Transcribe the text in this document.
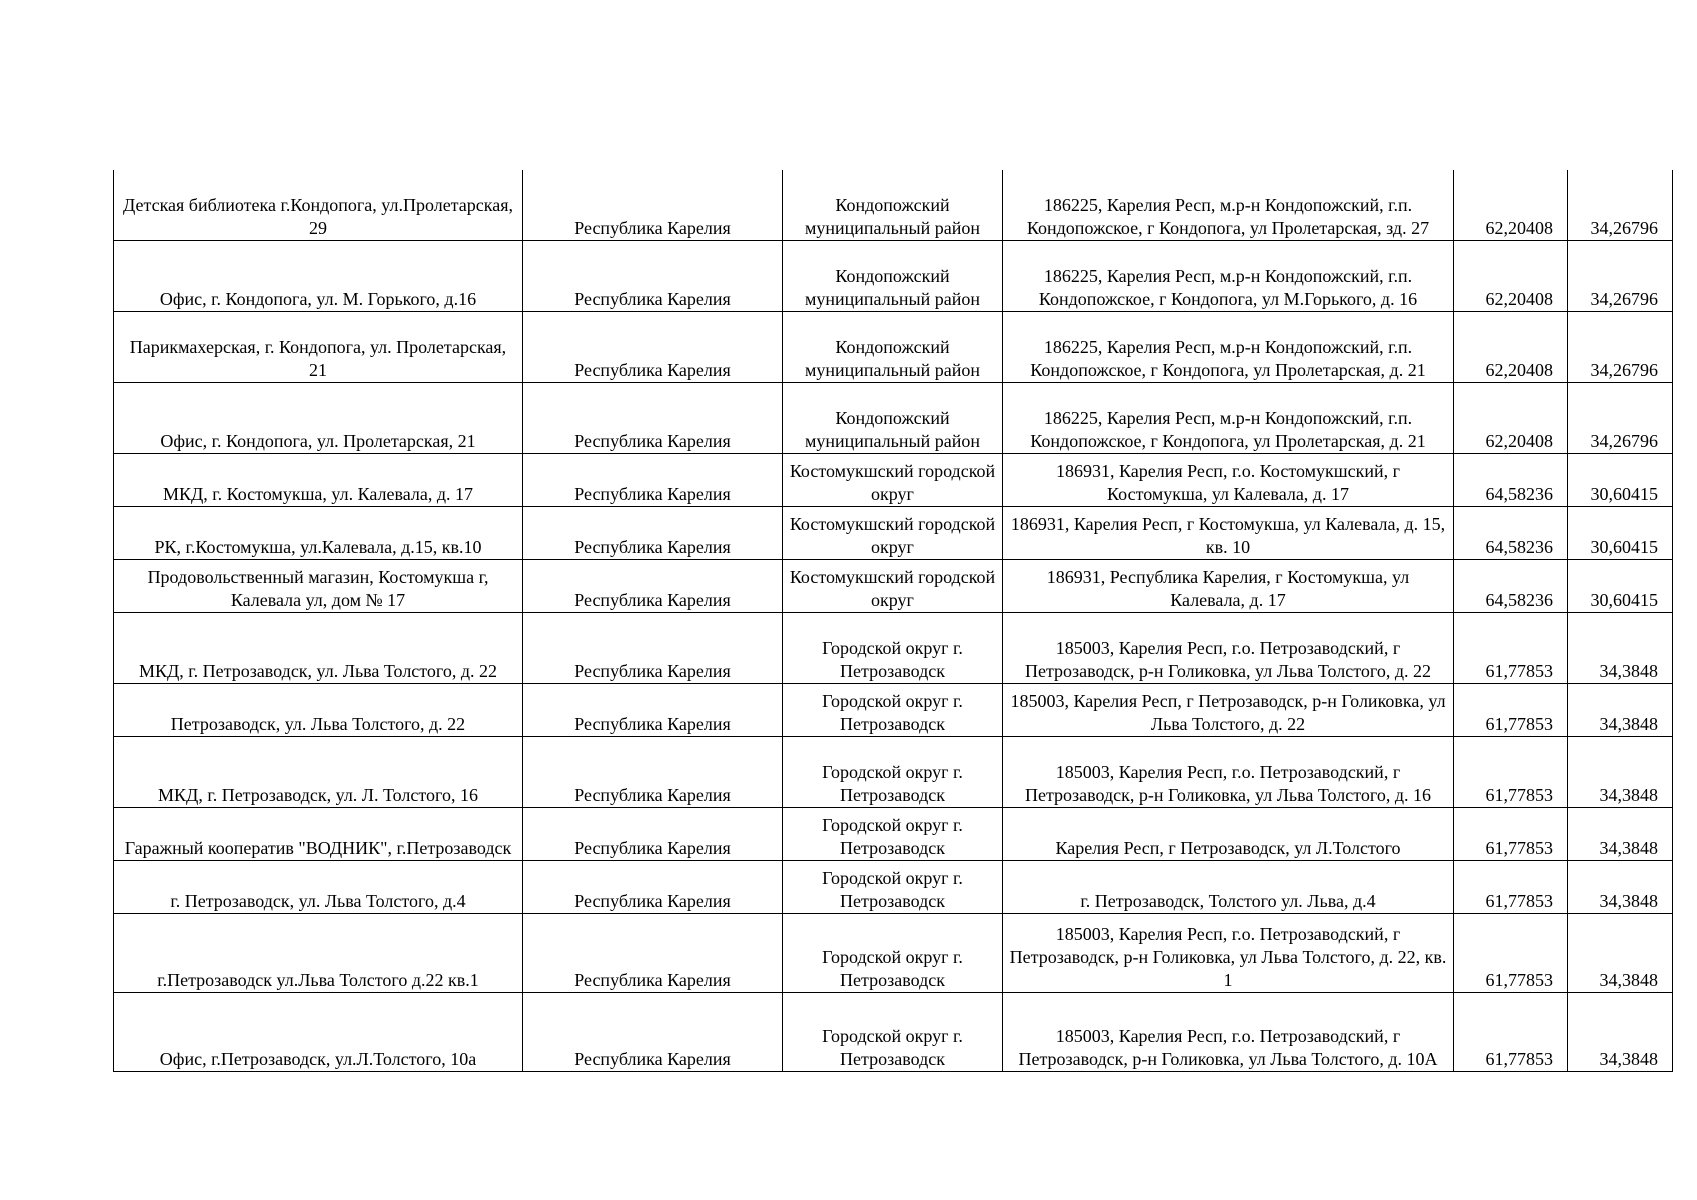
Детская библиотека г.Кондопога, ул.Пролетарская, 29	Республика Карелия	Кондопожский муниципальный район	186225, Карелия Респ, м.р-н Кондопожский, г.п. Кондопожское, г Кондопога, ул Пролетарская, зд. 27	62,20408	34,26796
Офис, г. Кондопога, ул. М. Горького, д.16	Республика Карелия	Кондопожский муниципальный район	186225, Карелия Респ, м.р-н Кондопожский, г.п. Кондопожское, г Кондопога, ул М.Горького, д. 16	62,20408	34,26796
Парикмахерская, г. Кондопога, ул. Пролетарская, 21	Республика Карелия	Кондопожский муниципальный район	186225, Карелия Респ, м.р-н Кондопожский, г.п. Кондопожское, г Кондопога, ул Пролетарская, д. 21	62,20408	34,26796
Офис, г. Кондопога, ул. Пролетарская, 21	Республика Карелия	Кондопожский муниципальный район	186225, Карелия Респ, м.р-н Кондопожский, г.п. Кондопожское, г Кондопога, ул Пролетарская, д. 21	62,20408	34,26796
МКД, г. Костомукша, ул. Калевала, д. 17	Республика Карелия	Костомукшский городской округ	186931, Карелия Респ, г.о. Костомукшский, г Костомукша, ул Калевала, д. 17	64,58236	30,60415
РК, г.Костомукша, ул.Калевала, д.15, кв.10	Республика Карелия	Костомукшский городской округ	186931, Карелия Респ, г Костомукша, ул Калевала, д. 15, кв. 10	64,58236	30,60415
Продовольственный магазин, Костомукша г, Калевала ул, дом № 17	Республика Карелия	Костомукшский городской округ	186931, Республика Карелия, г Костомукша, ул Калевала, д. 17	64,58236	30,60415
МКД, г. Петрозаводск, ул. Льва Толстого, д. 22	Республика Карелия	Городской округ г. Петрозаводск	185003, Карелия Респ, г.о. Петрозаводский, г Петрозаводск, р-н Голиковка, ул Льва Толстого, д. 22	61,77853	34,3848
Петрозаводск, ул. Льва Толстого, д. 22	Республика Карелия	Городской округ г. Петрозаводск	185003, Карелия Респ, г Петрозаводск, р-н Голиковка, ул Льва Толстого, д. 22	61,77853	34,3848
МКД, г. Петрозаводск, ул. Л. Толстого, 16	Республика Карелия	Городской округ г. Петрозаводск	185003, Карелия Респ, г.о. Петрозаводский, г Петрозаводск, р-н Голиковка, ул Льва Толстого, д. 16	61,77853	34,3848
Гаражный кооператив "ВОДНИК", г.Петрозаводск	Республика Карелия	Городской округ г. Петрозаводск	Карелия Респ, г Петрозаводск, ул Л.Толстого	61,77853	34,3848
г. Петрозаводск, ул. Льва Толстого, д.4	Республика Карелия	Городской округ г. Петрозаводск	г. Петрозаводск, Толстого ул. Льва, д.4	61,77853	34,3848
г.Петрозаводск ул.Льва Толстого д.22 кв.1	Республика Карелия	Городской округ г. Петрозаводск	185003, Карелия Респ, г.о. Петрозаводский, г Петрозаводск, р-н Голиковка, ул Льва Толстого, д. 22, кв. 1	61,77853	34,3848
Офис, г.Петрозаводск, ул.Л.Толстого, 10а	Республика Карелия	Городской округ г. Петрозаводск	185003, Карелия Респ, г.о. Петрозаводский, г Петрозаводск, р-н Голиковка, ул Льва Толстого, д. 10А	61,77853	34,3848
